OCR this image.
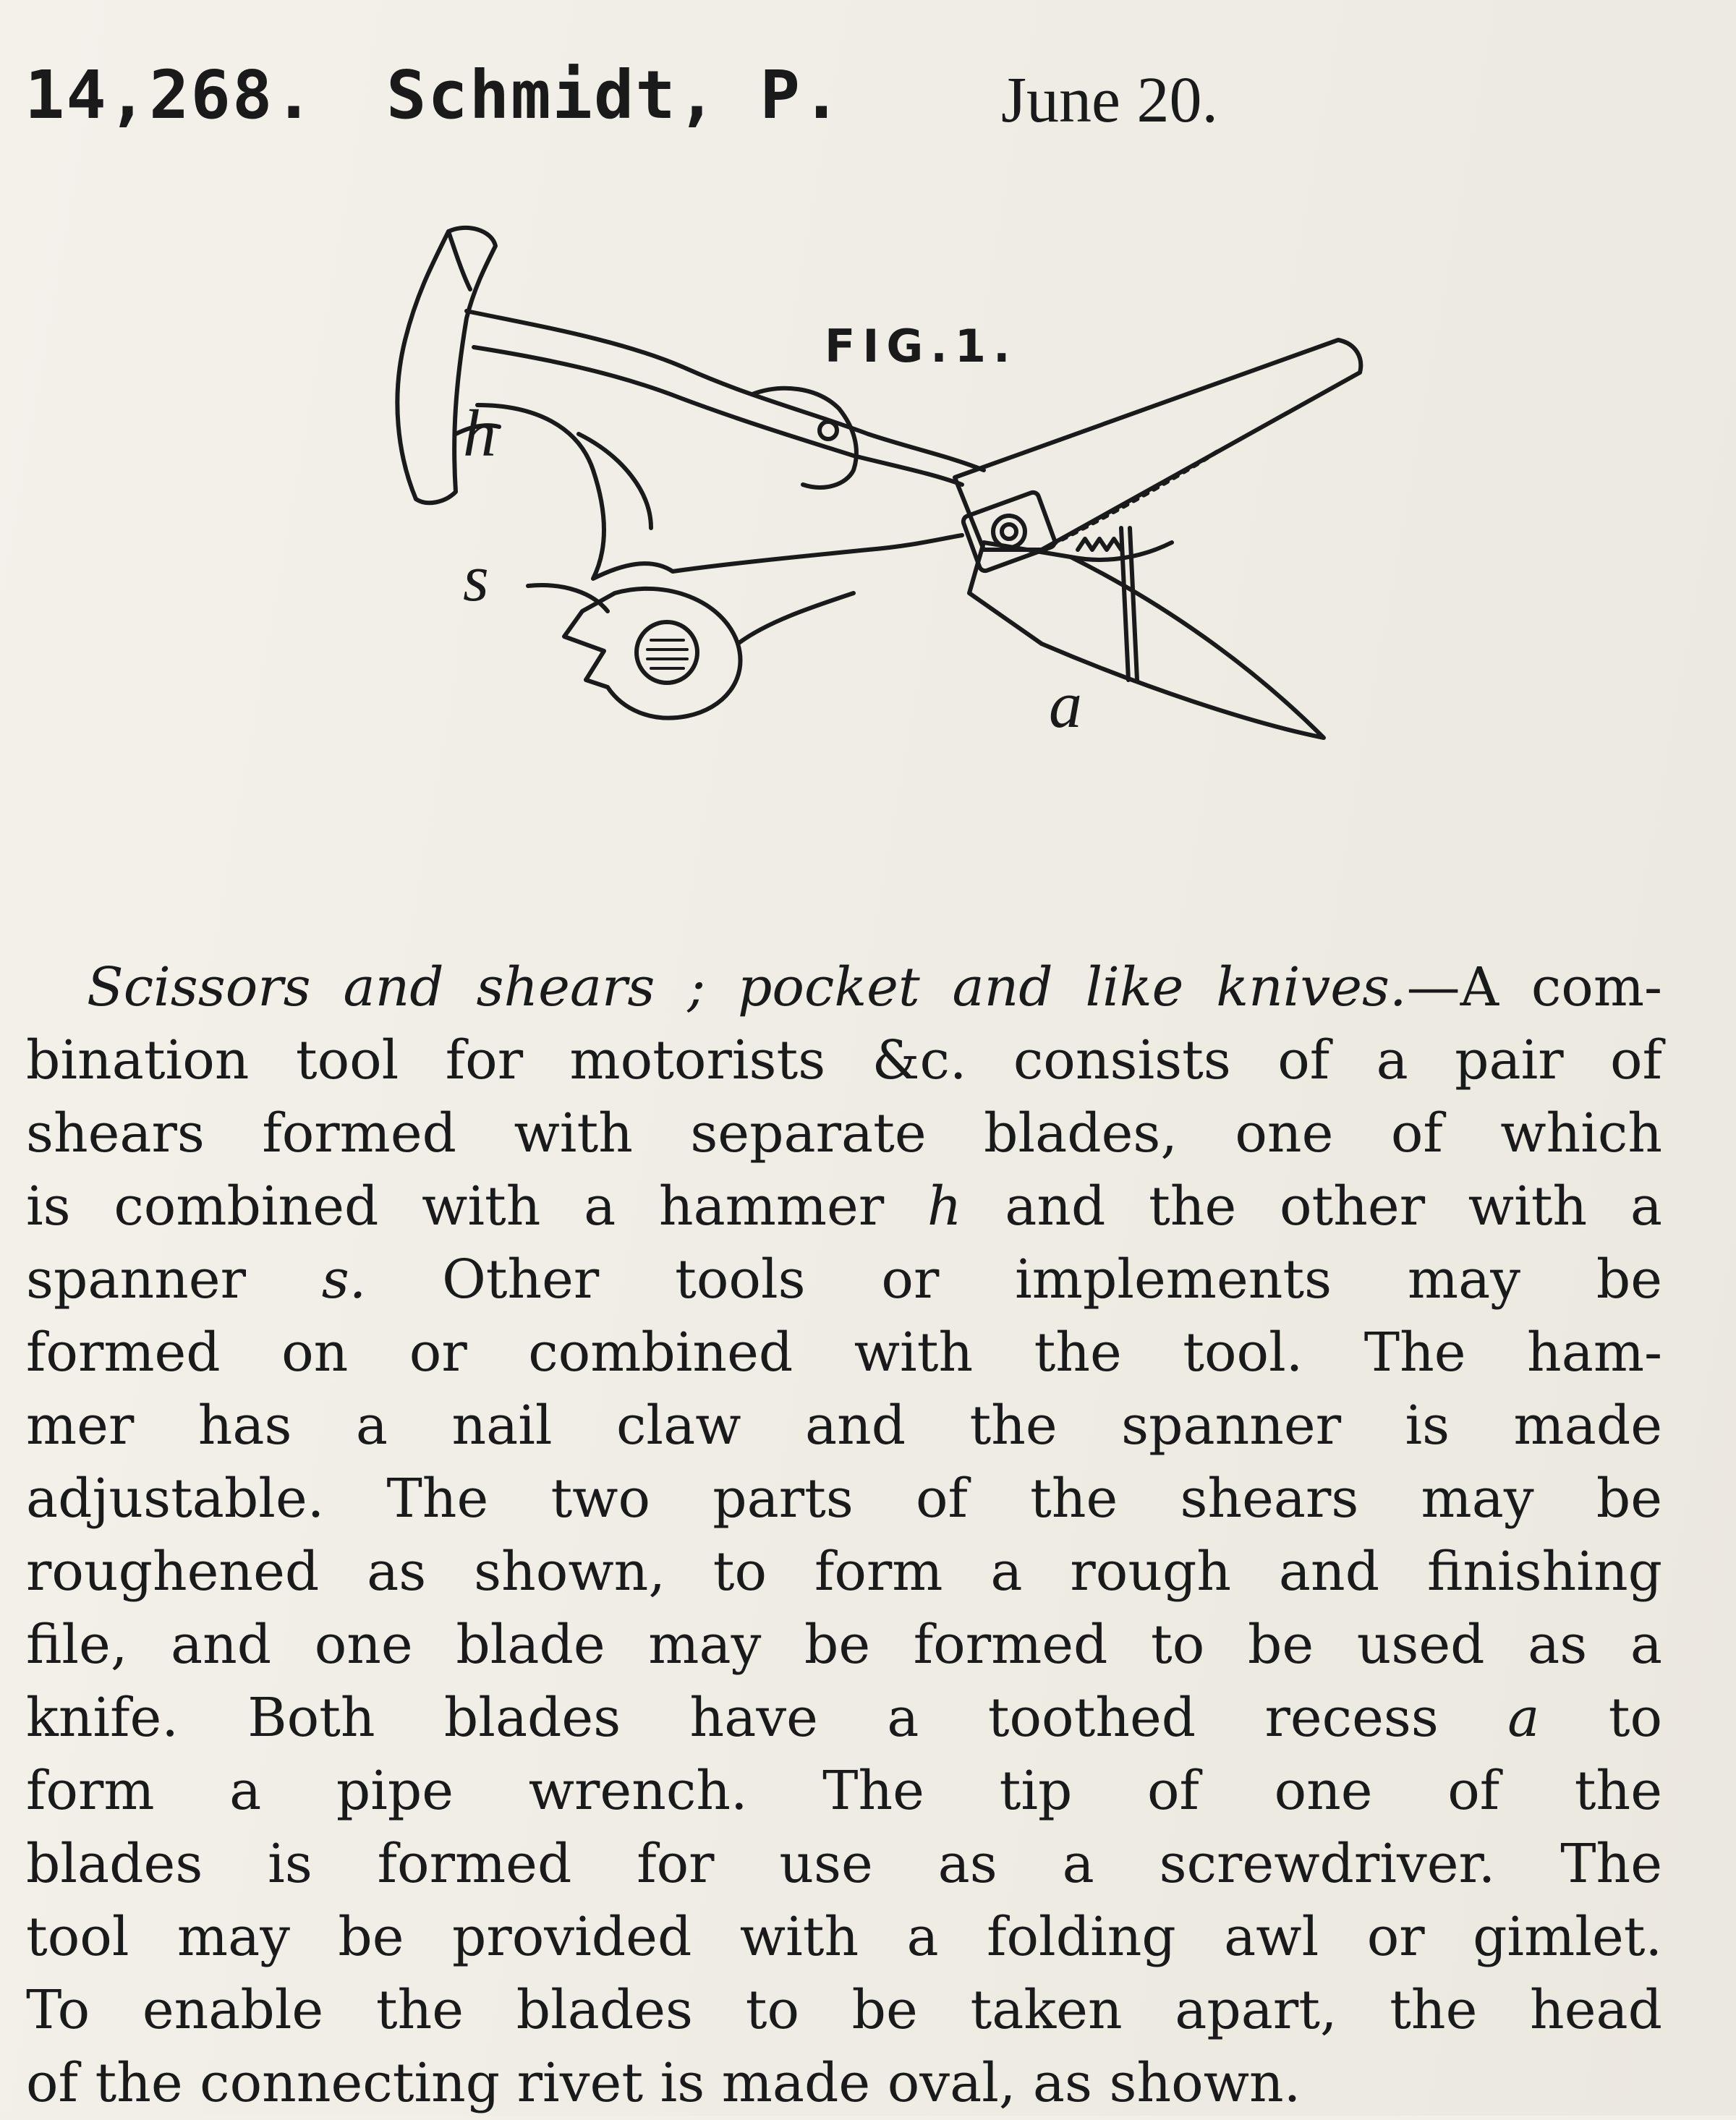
14,268. Schmidt, P. June 20.
FIG.1.
h
s
a
Scissors and shears ; pocket and like knives.—A com-
bination tool for motorists &c. consists of a pair of
shears formed with separate blades, one of which
is combined with a hammer h and the other with a
spanner s. Other tools or implements may be
formed on or combined with the tool. The ham-
mer has a nail claw and the spanner is made
adjustable. The two parts of the shears may be
roughened as shown, to form a rough and finishing
file, and one blade may be formed to be used as a
knife. Both blades have a toothed recess a to
form a pipe wrench. The tip of one of the
blades is formed for use as a screwdriver. The
tool may be provided with a folding awl or gimlet.
To enable the blades to be taken apart, the head
of the connecting rivet is made oval, as shown.
